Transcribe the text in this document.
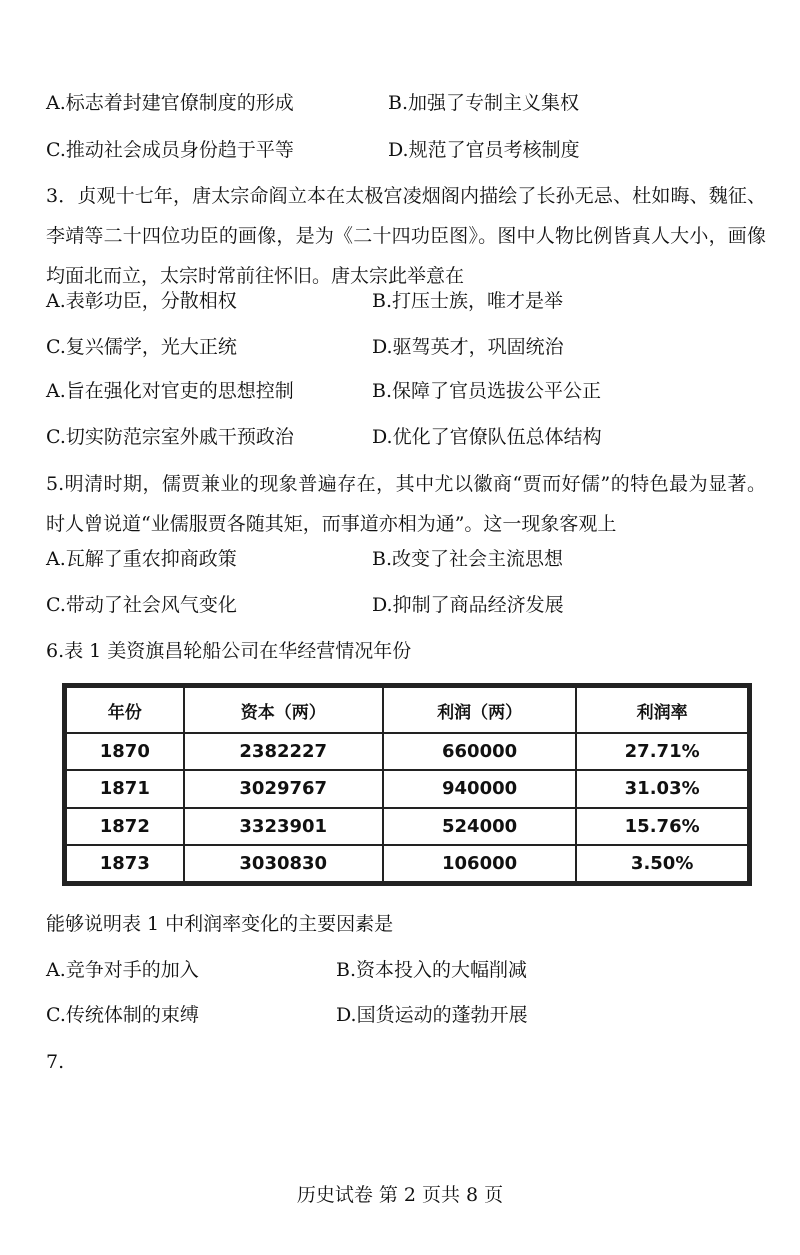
A.标志着封建官僚制度的形成	B.加强了专制主义集权
C.推动社会成员身份趋于平等	D.规范了官员考核制度
3．贞观十七年，唐太宗命阎立本在太极宫凌烟阁内描绘了长孙无忌、杜如晦、魏征、李靖等二十四位功臣的画像，是为《二十四功臣图》。图中人物比例皆真人大小，画像均面北而立，太宗时常前往怀旧。唐太宗此举意在
A.表彰功臣，分散相权	B.打压士族，唯才是举
C.复兴儒学，光大正统	D.驱驾英才，巩固统治
A.旨在强化对官吏的思想控制	B.保障了官员选拔公平公正
C.切实防范宗室外戚干预政治	D.优化了官僚队伍总体结构
5.明清时期，儒贾兼业的现象普遍存在，其中尤以徽商“贾而好儒”的特色最为显著。时人曾说道“业儒服贾各随其矩，而事道亦相为通”。这一现象客观上
A.瓦解了重农抑商政策	B.改变了社会主流思想
C.带动了社会风气变化	D.抑制了商品经济发展
6.表 1 美资旗昌轮船公司在华经营情况年份
年份	资本（两）	利润（两）	利润率
1870	2382227	660000	27.71%
1871	3029767	940000	31.03%
1872	3323901	524000	15.76%
1873	3030830	106000	3.50%
能够说明表 1 中利润率变化的主要因素是
A.竞争对手的加入	B.资本投入的大幅削减
C.传统体制的束缚	D.国货运动的蓬勃开展
7.
历史试卷 第 2 页共 8 页
